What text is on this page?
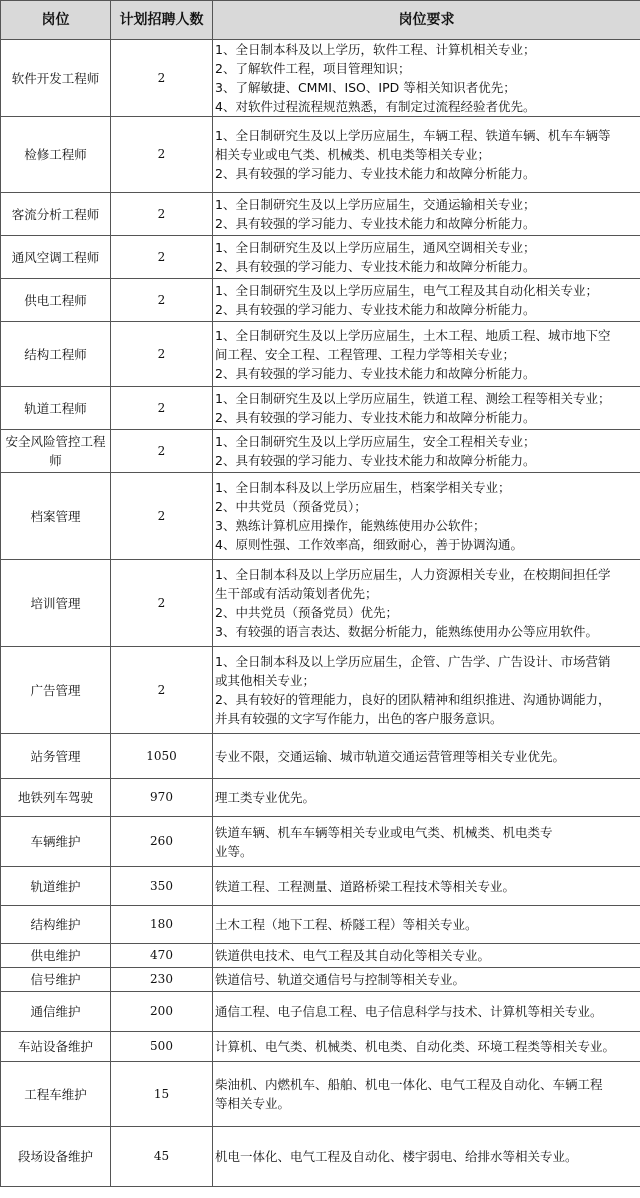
岗位	计划招聘人数	岗位要求
软件开发工程师	2	1、全日制本科及以上学历，软件工程、计算机相关专业；
2、了解软件工程，项目管理知识；
3、了解敏捷、CMMI、ISO、IPD 等相关知识者优先；
4、对软件过程流程规范熟悉，有制定过流程经验者优先。

检修工程师	2	1、全日制研究生及以上学历应届生，车辆工程、铁道车辆、机车车辆等
相关专业或电气类、机械类、机电类等相关专业；
2、具有较强的学习能力、专业技术能力和故障分析能力。

客流分析工程师	2	1、全日制研究生及以上学历应届生，交通运输相关专业；
2、具有较强的学习能力、专业技术能力和故障分析能力。

通风空调工程师	2	1、全日制研究生及以上学历应届生，通风空调相关专业；
2、具有较强的学习能力、专业技术能力和故障分析能力。

供电工程师	2	1、全日制研究生及以上学历应届生，电气工程及其自动化相关专业；
2、具有较强的学习能力、专业技术能力和故障分析能力。

结构工程师	2	1、全日制研究生及以上学历应届生，土木工程、地质工程、城市地下空
间工程、安全工程、工程管理、工程力学等相关专业；
2、具有较强的学习能力、专业技术能力和故障分析能力。

轨道工程师	2	1、全日制研究生及以上学历应届生，铁道工程、测绘工程等相关专业；
2、具有较强的学习能力、专业技术能力和故障分析能力。

安全风险管控工程师	2	1、全日制研究生及以上学历应届生，安全工程相关专业；
2、具有较强的学习能力、专业技术能力和故障分析能力。

档案管理	2	1、全日制本科及以上学历应届生，档案学相关专业；
2、中共党员（预备党员）；
3、熟练计算机应用操作，能熟练使用办公软件；
4、原则性强、工作效率高，细致耐心，善于协调沟通。

培训管理	2	1、全日制本科及以上学历应届生，人力资源相关专业，在校期间担任学
生干部或有活动策划者优先；
2、中共党员（预备党员）优先；
3、有较强的语言表达、数据分析能力，能熟练使用办公等应用软件。

广告管理	2	1、全日制本科及以上学历应届生，企管、广告学、广告设计、市场营销
或其他相关专业；
2、具有较好的管理能力，良好的团队精神和组织推进、沟通协调能力，
并具有较强的文字写作能力，出色的客户服务意识。

站务管理	1050	专业不限，交通运输、城市轨道交通运营管理等相关专业优先。

地铁列车驾驶	970	理工类专业优先。

车辆维护	260	铁道车辆、机车车辆等相关专业或电气类、机械类、机电类专
业等。

轨道维护	350	铁道工程、工程测量、道路桥梁工程技术等相关专业。

结构维护	180	土木工程（地下工程、桥隧工程）等相关专业。

供电维护	470	铁道供电技术、电气工程及其自动化等相关专业。

信号维护	230	铁道信号、轨道交通信号与控制等相关专业。

通信维护	200	通信工程、电子信息工程、电子信息科学与技术、计算机等相关专业。

车站设备维护	500	计算机、电气类、机械类、机电类、自动化类、环境工程类等相关专业。

工程车维护	15	柴油机、内燃机车、船舶、机电一体化、电气工程及自动化、车辆工程
等相关专业。

段场设备维护	45	机电一体化、电气工程及自动化、楼宇弱电、给排水等相关专业。
